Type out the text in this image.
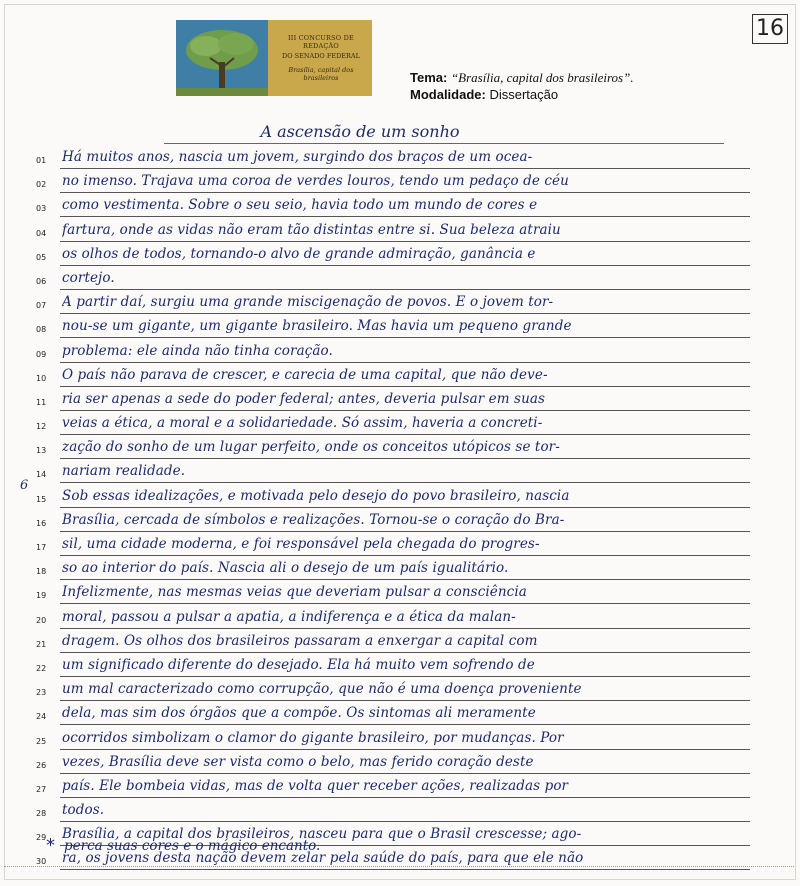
III CONCURSO DE REDAÇÃO
DO SENADO FEDERAL
Brasília, capital dos brasileiros
16
Tema: “Brasília, capital dos brasileiros”.
Modalidade: Dissertação
A ascensão de um sonho
6
01	Há muitos anos, nascia um jovem, surgindo dos braços de um ocea-
02	no imenso. Trajava uma coroa de verdes louros, tendo um pedaço de céu
03	como vestimenta. Sobre o seu seio, havia todo um mundo de cores e
04	fartura, onde as vidas não eram tão distintas entre si. Sua beleza atraiu
05	os olhos de todos, tornando-o alvo de grande admiração, ganância e
06	cortejo.
07	A partir daí, surgiu uma grande miscigenação de povos. E o jovem tor-
08	nou-se um gigante, um gigante brasileiro. Mas havia um pequeno grande
09	problema: ele ainda não tinha coração.
10	O país não parava de crescer, e carecia de uma capital, que não deve-
11	ria ser apenas a sede do poder federal; antes, deveria pulsar em suas
12	veias a ética, a moral e a solidariedade. Só assim, haveria a concreti-
13	zação do sonho de um lugar perfeito, onde os conceitos utópicos se tor-
14	nariam realidade.
15	Sob essas idealizações, e motivada pelo desejo do povo brasileiro, nascia
16	Brasília, cercada de símbolos e realizações. Tornou-se o coração do Bra-
17	sil, uma cidade moderna, e foi responsável pela chegada do progres-
18	so ao interior do país. Nascia ali o desejo de um país igualitário.
19	Infelizmente, nas mesmas veias que deveriam pulsar a consciência
20	moral, passou a pulsar a apatia, a indiferença e a ética da malan-
21	dragem. Os olhos dos brasileiros passaram a enxergar a capital com
22	um significado diferente do desejado. Ela há muito vem sofrendo de
23	um mal caracterizado como corrupção, que não é uma doença proveniente
24	dela, mas sim dos órgãos que a compõe. Os sintomas ali meramente
25	ocorridos simbolizam o clamor do gigante brasileiro, por mudanças. Por
26	vezes, Brasília deve ser vista como o belo, mas ferido coração deste
27	país. Ele bombeia vidas, mas de volta quer receber ações, realizadas por
28	todos.
29	Brasília, a capital dos brasileiros, nasceu para que o Brasil crescesse; ago-
30	ra, os jovens desta nação devem zelar pela saúde do país, para que ele não
* perca suas cores e o mágico encanto.
